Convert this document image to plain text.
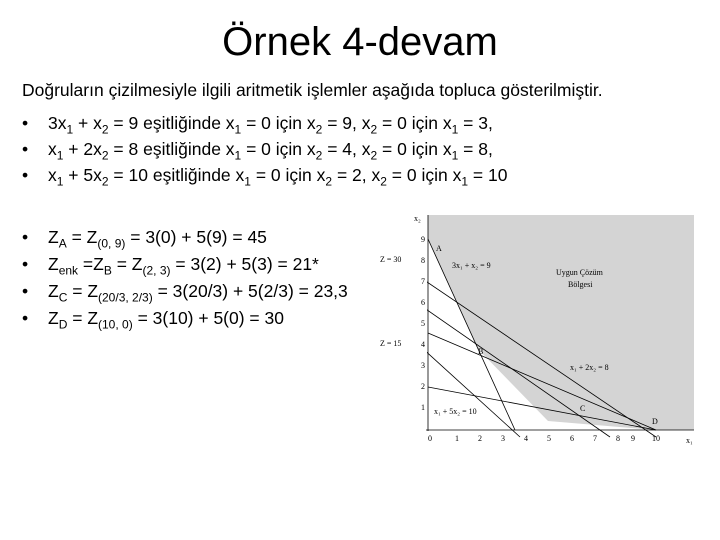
Örnek 4-devam
Doğruların çizilmesiyle ilgili aritmetik işlemler aşağıda topluca gösterilmiştir.
• $3x_1 + x_2 = 9$ eşitliğinde $x_1 = 0$ için $x_2 = 9$, $x_2 = 0$ için $x_1 = 3$,
• $x_1 + 2x_2 = 8$ eşitliğinde $x_1 = 0$ için $x_2 = 4$, $x_2 = 0$ için $x_1 = 8$,
• $x_1 + 5x_2 = 10$ eşitliğinde $x_1 = 0$ için $x_2 = 2$, $x_2 = 0$ için $x_1 = 10$
• $Z_A = Z_{(0, 9)} = 3(0) + 5(9) = 45$
• $Z_{enk} =Z_B = Z_{(2, 3)} = 3(2) + 5(3) = 21*$
• $Z_C = Z_{(20/3, 2/3)} = 3(20/3) + 5(2/3) = 23,3$
• $Z_D = Z_{(10, 0)} = 3(10) + 5(0) = 30$
x₂
x₁
9
8
7
6
5
4
3
2
1
0	1 2 3 4 5 6 7 8 9 10
3x₁ + x₂ = 9
x₁ + 2x₂ = 8
x₁ + 5x₂ = 10
Uygun Çözüm
Bölgesi
Z = 30
Z = 15
A
B
C
D
